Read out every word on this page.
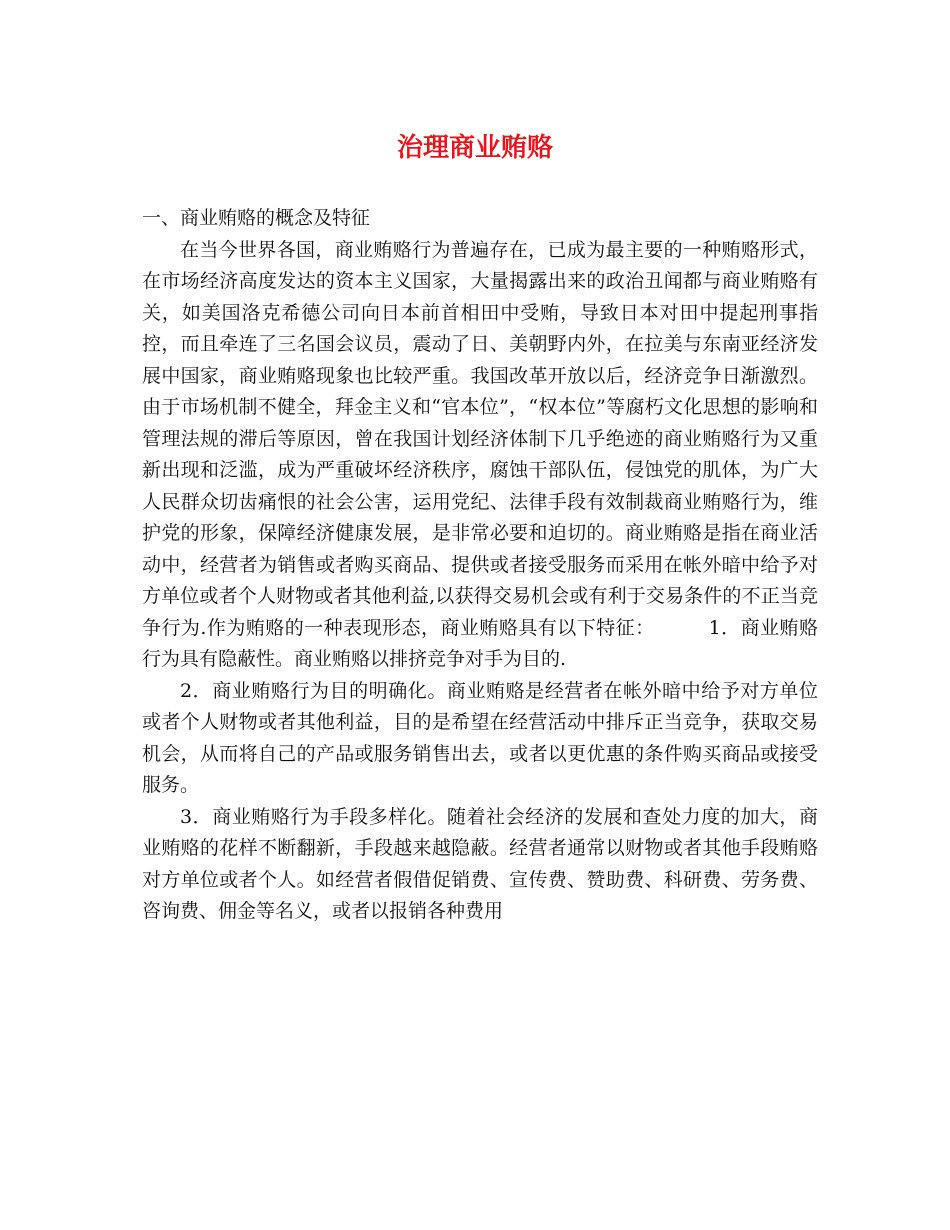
治理商业贿赂

一、商业贿赂的概念及特征

在当今世界各国，商业贿赂行为普遍存在，已成为最主要的一种贿赂形式，在市场经济高度发达的资本主义国家，大量揭露出来的政治丑闻都与商业贿赂有关，如美国洛克希德公司向日本前首相田中受贿，导致日本对田中提起刑事指控，而且牵连了三名国会议员，震动了日、美朝野内外，在拉美与东南亚经济发展中国家，商业贿赂现象也比较严重。我国改革开放以后，经济竞争日渐激烈。由于市场机制不健全，拜金主义和“官本位”，“权本位”等腐朽文化思想的影响和管理法规的滞后等原因，曾在我国计划经济体制下几乎绝迹的商业贿赂行为又重新出现和泛滥，成为严重破坏经济秩序，腐蚀干部队伍，侵蚀党的肌体，为广大人民群众切齿痛恨的社会公害，运用党纪、法律手段有效制裁商业贿赂行为，维护党的形象，保障经济健康发展，是非常必要和迫切的。商业贿赂是指在商业活动中，经营者为销售或者购买商品、提供或者接受服务而采用在帐外暗中给予对方单位或者个人财物或者其他利益,以获得交易机会或有利于交易条件的不正当竞争行为.作为贿赂的一种表现形态，商业贿赂具有以下特征：	1．商业贿赂行为具有隐蔽性。商业贿赂以排挤竞争对手为目的.

2．商业贿赂行为目的明确化。商业贿赂是经营者在帐外暗中给予对方单位或者个人财物或者其他利益，目的是希望在经营活动中排斥正当竞争，获取交易机会，从而将自己的产品或服务销售出去，或者以更优惠的条件购买商品或接受服务。

3．商业贿赂行为手段多样化。随着社会经济的发展和查处力度的加大，商业贿赂的花样不断翻新，手段越来越隐蔽。经营者通常以财物或者其他手段贿赂对方单位或者个人。如经营者假借促销费、宣传费、赞助费、科研费、劳务费、咨询费、佣金等名义，或者以报销各种费用
